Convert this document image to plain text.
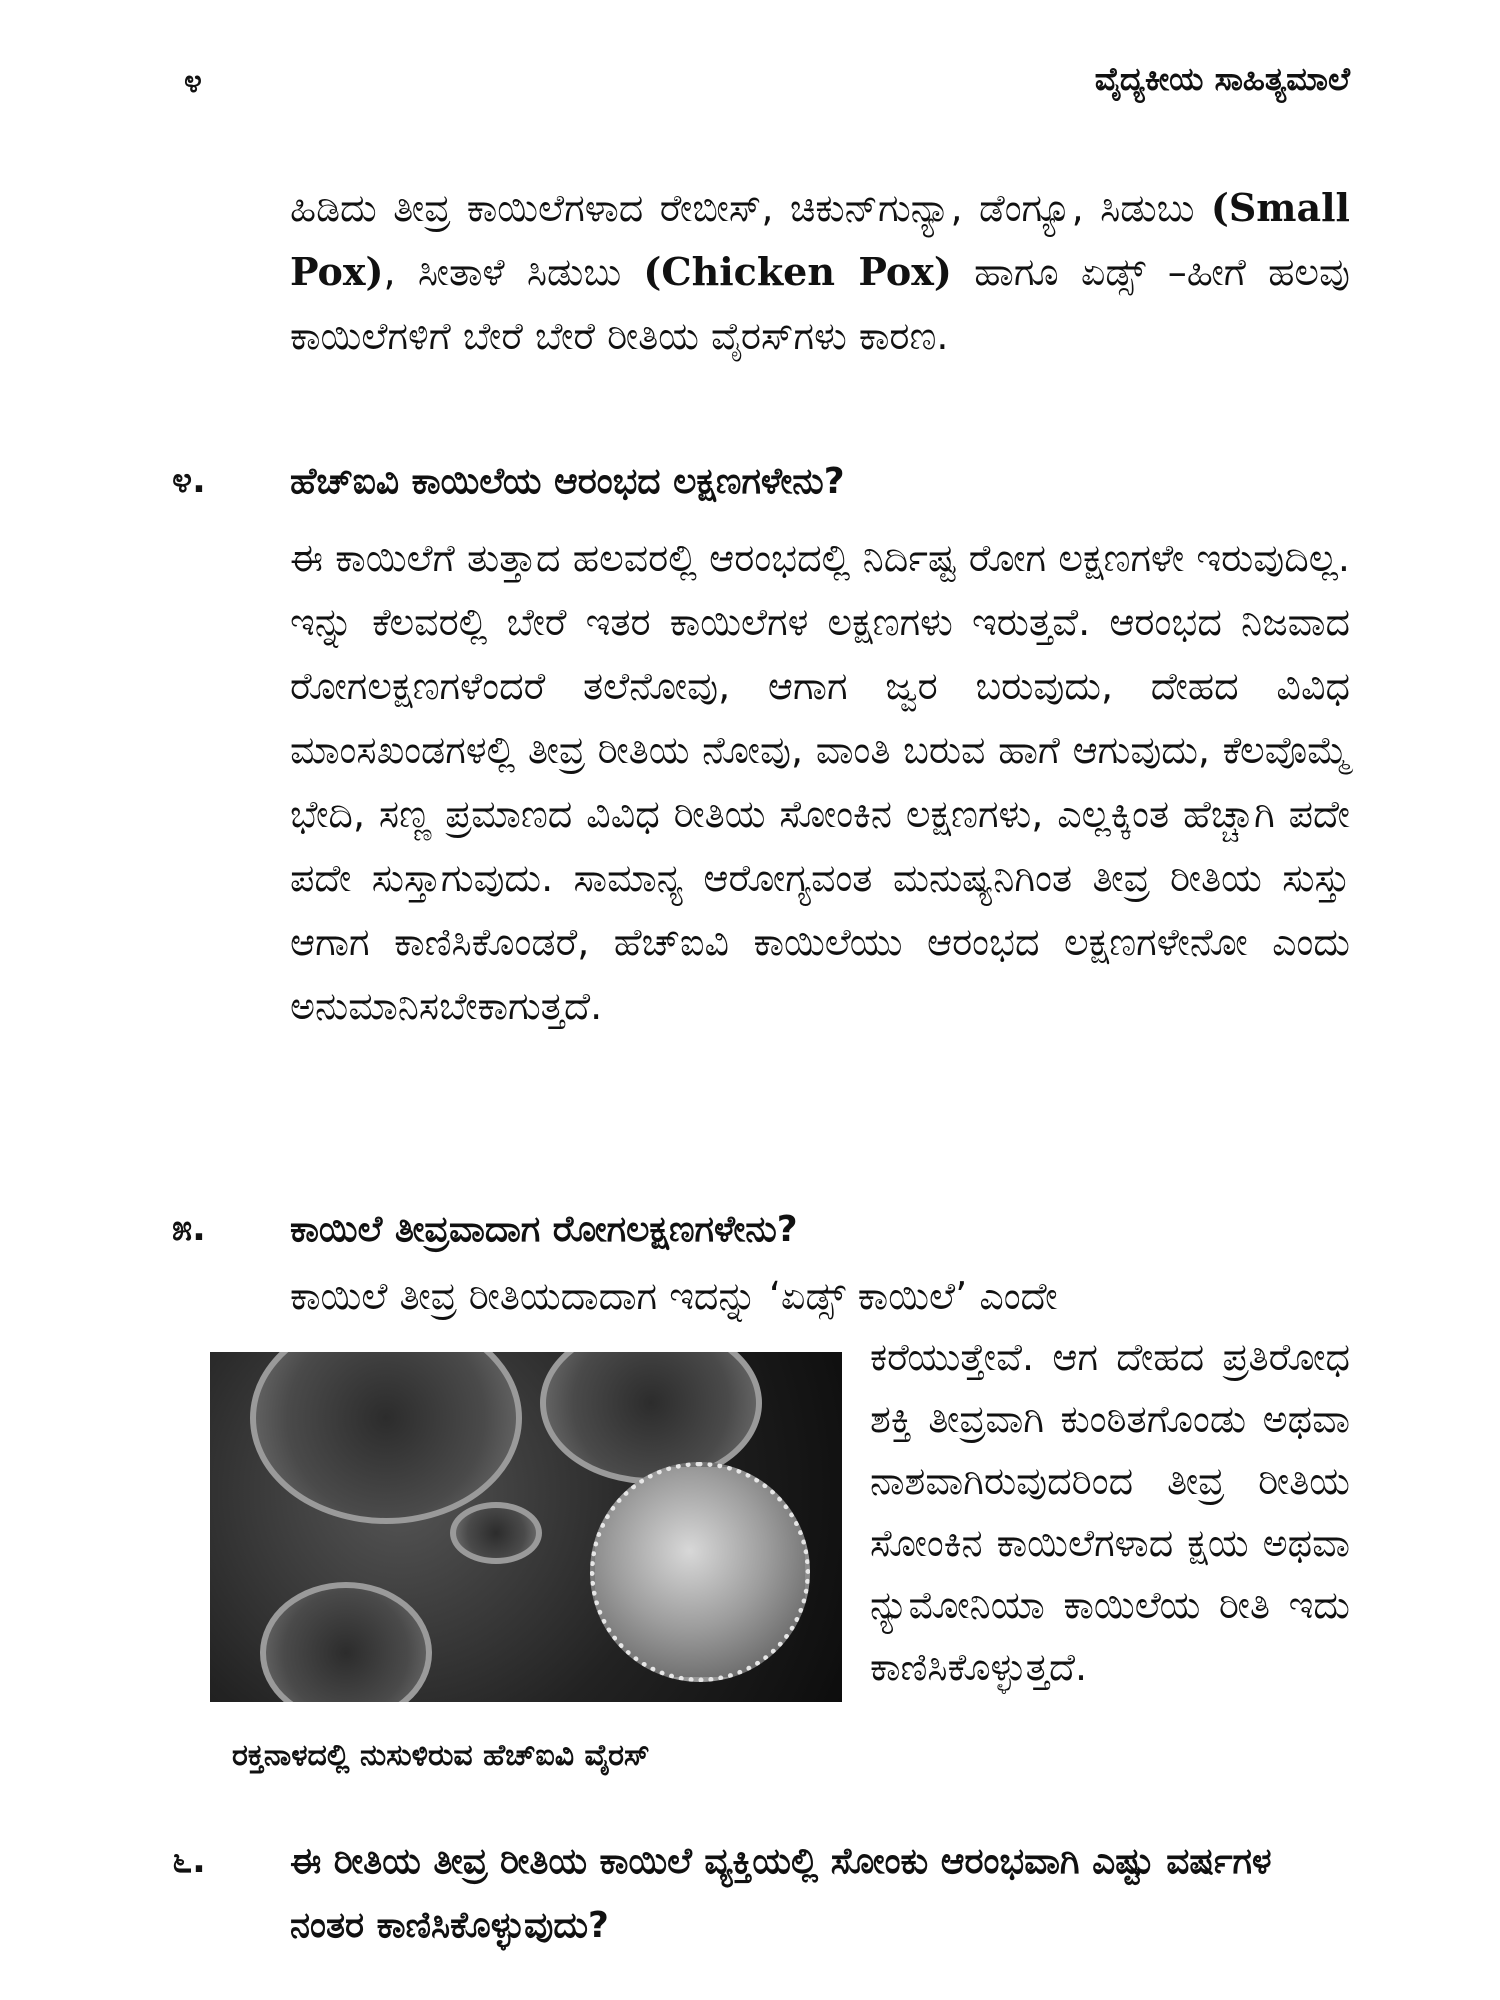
೪	ವೈದ್ಯಕೀಯ ಸಾಹಿತ್ಯಮಾಲೆ

ಹಿಡಿದು ತೀವ್ರ ಕಾಯಿಲೆಗಳಾದ ರೇಬೀಸ್, ಚಿಕುನ್‌ಗುನ್ಯಾ, ಡೆಂಗ್ಯೂ, ಸಿಡುಬು (Small Pox), ಸೀತಾಳೆ ಸಿಡುಬು (Chicken Pox) ಹಾಗೂ ಏಡ್ಸ್ –ಹೀಗೆ ಹಲವು ಕಾಯಿಲೆಗಳಿಗೆ ಬೇರೆ ಬೇರೆ ರೀತಿಯ ವೈರಸ್‌ಗಳು ಕಾರಣ.

೪. ಹೆಚ್‌ಐವಿ ಕಾಯಿಲೆಯ ಆರಂಭದ ಲಕ್ಷಣಗಳೇನು?

ಈ ಕಾಯಿಲೆಗೆ ತುತ್ತಾದ ಹಲವರಲ್ಲಿ ಆರಂಭದಲ್ಲಿ ನಿರ್ದಿಷ್ಟ ರೋಗ ಲಕ್ಷಣಗಳೇ ಇರುವುದಿಲ್ಲ. ಇನ್ನು ಕೆಲವರಲ್ಲಿ ಬೇರೆ ಇತರ ಕಾಯಿಲೆಗಳ ಲಕ್ಷಣಗಳು ಇರುತ್ತವೆ. ಆರಂಭದ ನಿಜವಾದ ರೋಗಲಕ್ಷಣಗಳೆಂದರೆ ತಲೆನೋವು, ಆಗಾಗ ಜ್ವರ ಬರುವುದು, ದೇಹದ ವಿವಿಧ ಮಾಂಸಖಂಡಗಳಲ್ಲಿ ತೀವ್ರ ರೀತಿಯ ನೋವು, ವಾಂತಿ ಬರುವ ಹಾಗೆ ಆಗುವುದು, ಕೆಲವೊಮ್ಮೆ ಭೇದಿ, ಸಣ್ಣ ಪ್ರಮಾಣದ ವಿವಿಧ ರೀತಿಯ ಸೋಂಕಿನ ಲಕ್ಷಣಗಳು, ಎಲ್ಲಕ್ಕಿಂತ ಹೆಚ್ಚಾಗಿ ಪದೇ ಪದೇ ಸುಸ್ತಾಗುವುದು. ಸಾಮಾನ್ಯ ಆರೋಗ್ಯವಂತ ಮನುಷ್ಯನಿಗಿಂತ ತೀವ್ರ ರೀತಿಯ ಸುಸ್ತು ಆಗಾಗ ಕಾಣಿಸಿಕೊಂಡರೆ, ಹೆಚ್‌ಐವಿ ಕಾಯಿಲೆಯು ಆರಂಭದ ಲಕ್ಷಣಗಳೇನೋ ಎಂದು ಅನುಮಾನಿಸಬೇಕಾಗುತ್ತದೆ.

೫. ಕಾಯಿಲೆ ತೀವ್ರವಾದಾಗ ರೋಗಲಕ್ಷಣಗಳೇನು?

ಕಾಯಿಲೆ ತೀವ್ರ ರೀತಿಯದಾದಾಗ ಇದನ್ನು ‘ಏಡ್ಸ್ ಕಾಯಿಲೆ’ ಎಂದೇ

ರಕ್ತನಾಳದಲ್ಲಿ ನುಸುಳಿರುವ ಹೆಚ್‌ಐವಿ ವೈರಸ್

ಕರೆಯುತ್ತೇವೆ. ಆಗ ದೇಹದ ಪ್ರತಿರೋಧ ಶಕ್ತಿ ತೀವ್ರವಾಗಿ ಕುಂಠಿತಗೊಂಡು ಅಥವಾ ನಾಶವಾಗಿರುವುದರಿಂದ ತೀವ್ರ ರೀತಿಯ ಸೋಂಕಿನ ಕಾಯಿಲೆಗಳಾದ ಕ್ಷಯ ಅಥವಾ ನ್ಯುಮೋನಿಯಾ ಕಾಯಿಲೆಯ ರೀತಿ ಇದು ಕಾಣಿಸಿಕೊಳ್ಳುತ್ತದೆ.

೬. ಈ ರೀತಿಯ ತೀವ್ರ ರೀತಿಯ ಕಾಯಿಲೆ ವ್ಯಕ್ತಿಯಲ್ಲಿ ಸೋಂಕು ಆರಂಭವಾಗಿ ಎಷ್ಟು ವರ್ಷಗಳ ನಂತರ ಕಾಣಿಸಿಕೊಳ್ಳುವುದು?
